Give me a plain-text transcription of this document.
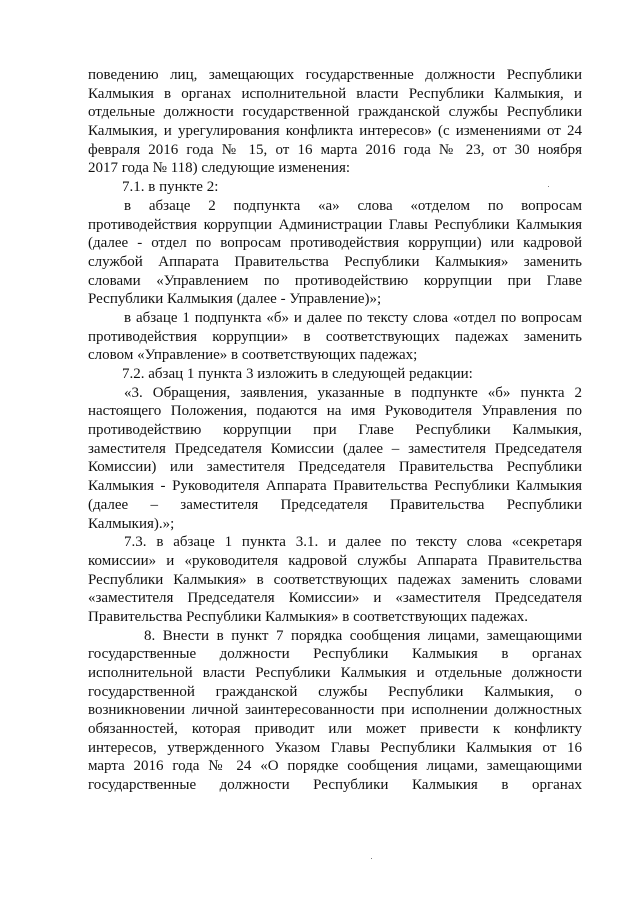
поведению лиц, замещающих государственные должности Республики
Калмыкия в органах исполнительной власти Республики Калмыкия, и
отдельные должности государственной гражданской службы Республики
Калмыкия, и урегулирования конфликта интересов» (с изменениями от 24
февраля 2016 года № 15, от 16 марта 2016 года № 23, от 30 ноября
2017 года № 118) следующие изменения:
7.1. в пункте 2:
в абзаце 2 подпункта «а» слова «отделом по вопросам
противодействия коррупции Администрации Главы Республики Калмыкия
(далее - отдел по вопросам противодействия коррупции) или кадровой
службой Аппарата Правительства Республики Калмыкия» заменить
словами «Управлением по противодействию коррупции при Главе
Республики Калмыкия (далее - Управление)»;
в абзаце 1 подпункта «б» и далее по тексту слова «отдел по вопросам
противодействия коррупции» в соответствующих падежах заменить
словом «Управление» в соответствующих падежах;
7.2. абзац 1 пункта 3 изложить в следующей редакции:
«3. Обращения, заявления, указанные в подпункте «б» пункта 2
настоящего Положения, подаются на имя Руководителя Управления по
противодействию коррупции при Главе Республики Калмыкия,
заместителя Председателя Комиссии (далее – заместителя Председателя
Комиссии) или заместителя Председателя Правительства Республики
Калмыкия - Руководителя Аппарата Правительства Республики Калмыкия
(далее – заместителя Председателя Правительства Республики
Калмыкия).»;
7.3. в абзаце 1 пункта 3.1. и далее по тексту слова «секретаря
комиссии» и «руководителя кадровой службы Аппарата Правительства
Республики Калмыкия» в соответствующих падежах заменить словами
«заместителя Председателя Комиссии» и «заместителя Председателя
Правительства Республики Калмыкия» в соответствующих падежах.
8. Внести в пункт 7 порядка сообщения лицами, замещающими
государственные должности Республики Калмыкия в органах
исполнительной власти Республики Калмыкия и отдельные должности
государственной гражданской службы Республики Калмыкия, о
возникновении личной заинтересованности при исполнении должностных
обязанностей, которая приводит или может привести к конфликту
интересов, утвержденного Указом Главы Республики Калмыкия от 16
марта 2016 года № 24 «О порядке сообщения лицами, замещающими
государственные должности Республики Калмыкия в органах
